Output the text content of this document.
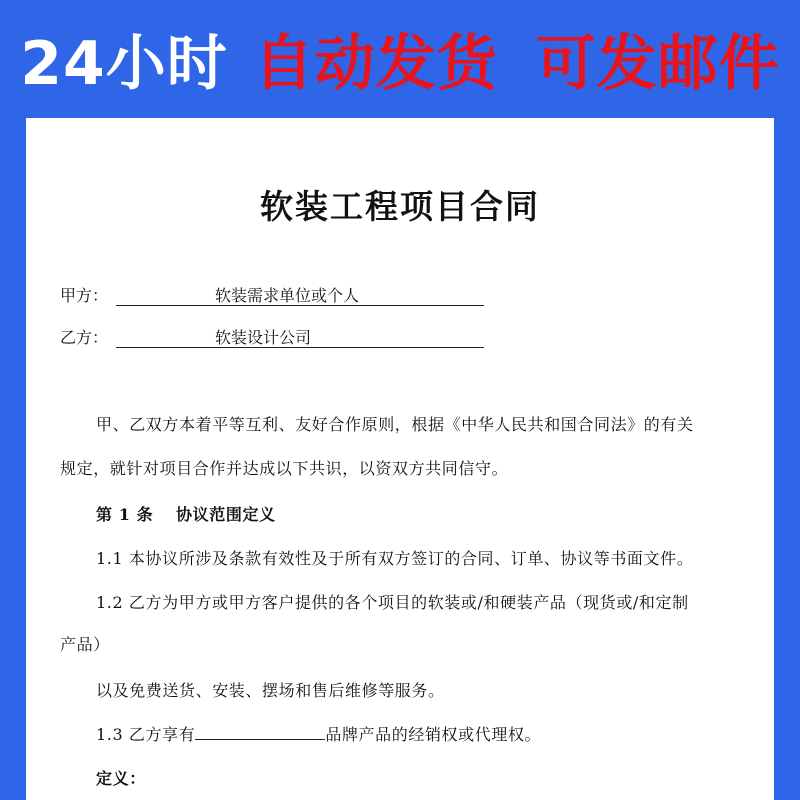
24小时 自动发货 可发邮件
软装工程项目合同
甲方：	软装需求单位或个人
乙方：	软装设计公司
甲、乙双方本着平等互利、友好合作原则，根据《中华人民共和国合同法》的有关
规定，就针对项目合作并达成以下共识，以资双方共同信守。
第 1 条　 协议范围定义
1.1 本协议所涉及条款有效性及于所有双方签订的合同、订单、协议等书面文件。
1.2 乙方为甲方或甲方客户提供的各个项目的软装或/和硬装产品（现货或/和定制
产品）
以及免费送货、安装、摆场和售后维修等服务。
1.3 乙方享有	品牌产品的经销权或代理权。
定义：
